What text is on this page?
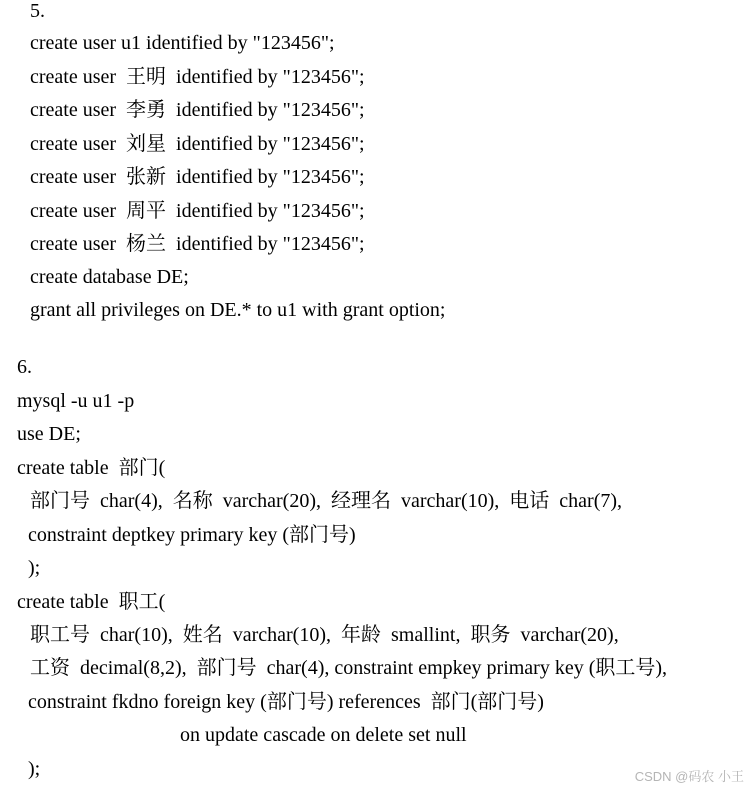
5.
create user u1 identified by "123456";
create user  王明  identified by "123456";
create user  李勇  identified by "123456";
create user  刘星  identified by "123456";
create user  张新  identified by "123456";
create user  周平  identified by "123456";
create user  杨兰  identified by "123456";
create database DE;
grant all privileges on DE.* to u1 with grant option;
6.
mysql -u u1 -p
use DE;
create table  部门(
部门号  char(4),  名称  varchar(20),  经理名  varchar(10),  电话  char(7),
constraint deptkey primary key (部门号)
);
create table  职工(
职工号  char(10),  姓名  varchar(10),  年龄  smallint,  职务  varchar(20),
工资  decimal(8,2),  部门号  char(4), constraint empkey primary key (职工号),
constraint fkdno foreign key (部门号) references  部门(部门号)
on update cascade on delete set null
);	CSDN @码农 小王
